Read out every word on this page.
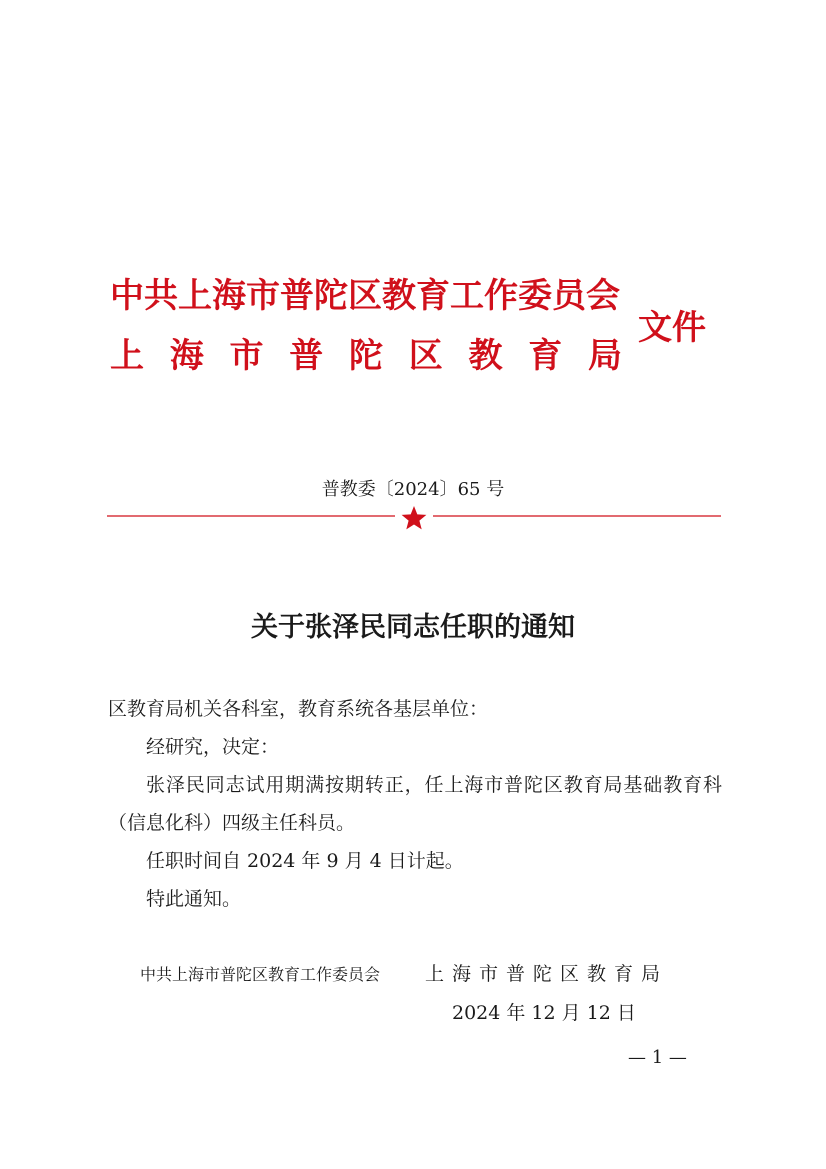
中共上海市普陀区教育工作委员会
上 海 市 普 陀 区 教 育 局
文件
普教委〔2024〕65 号
关于张泽民同志任职的通知

区教育局机关各科室，教育系统各基层单位：

经研究，决定：

张泽民同志试用期满按期转正，任上海市普陀区教育局基础教育科（信息化科）四级主任科员。

任职时间自 2024 年 9 月 4 日计起。

特此通知。

中共上海市普陀区教育工作委员会 上海市普陀区教育局
2024 年 12 月 12 日
— 1 —
